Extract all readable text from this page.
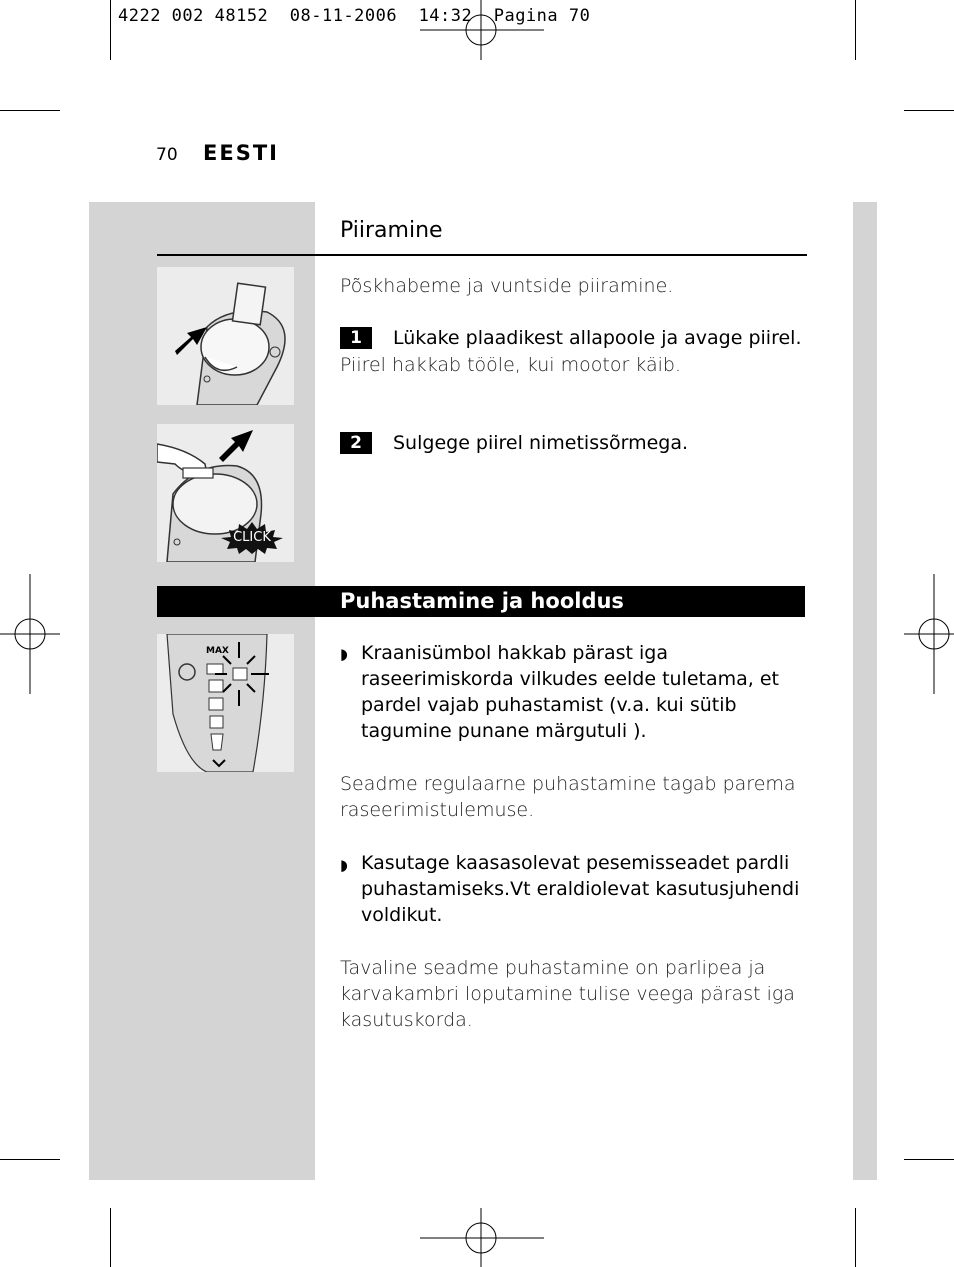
4222 002 48152  08-11-2006  14:32  Pagina 70
70 EESTI
Piiramine
Põskhabeme ja vuntside piiramine.
1	Lükake plaadikest allapoole ja avage piirel.
Piirel hakkab tööle, kui mootor käib.
2	Sulgege piirel nimetissõrmega.
CLICK
Puhastamine ja hooldus
MAX	◗ Kraanisümbol hakkab pärast iga
raseerimiskorda vilkudes eelde tuletama, et
pardel vajab puhastamist (v.a. kui sütib
tagumine punane märgutuli ).
Seadme regulaarne puhastamine tagab parema
raseerimistulemuse.
◗ Kasutage kaasasolevat pesemisseadet pardli
puhastamiseks.Vt eraldiolevat kasutusjuhendi
voldikut.
Tavaline seadme puhastamine on parlipea ja
karvakambri loputamine tulise veega pärast iga
kasutuskorda.
